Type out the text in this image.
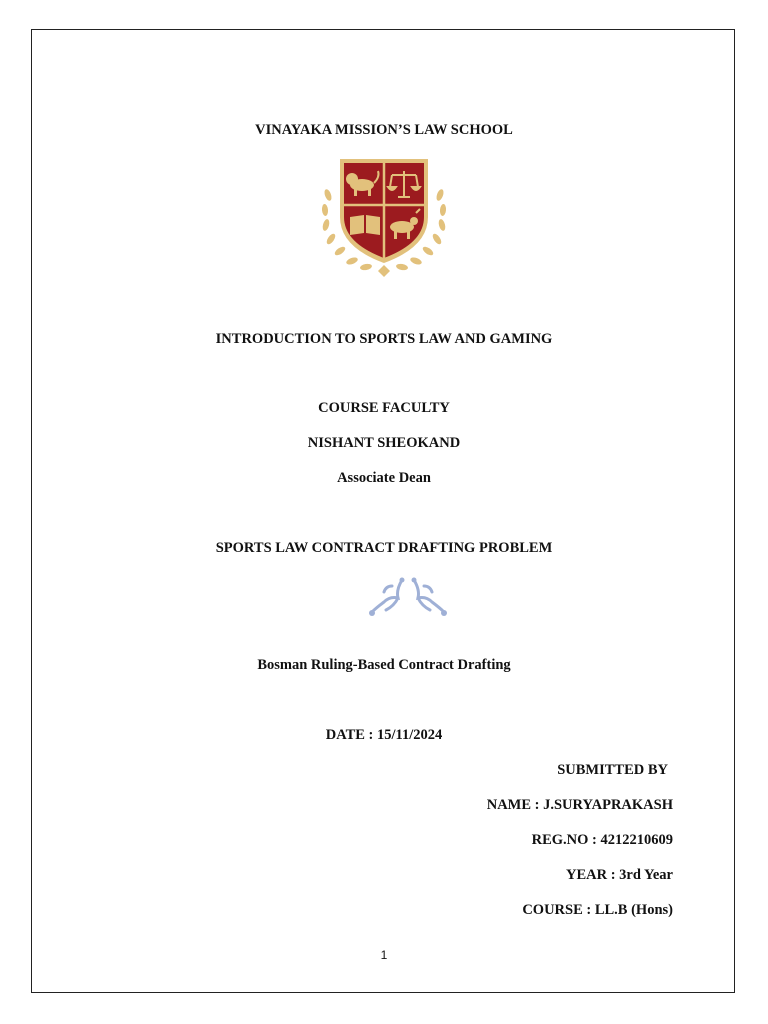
VINAYAKA MISSION’S LAW SCHOOL
INTRODUCTION TO SPORTS LAW AND GAMING
COURSE FACULTY
NISHANT SHEOKAND
Associate Dean
SPORTS LAW CONTRACT DRAFTING PROBLEM
Bosman Ruling-Based Contract Drafting
DATE : 15/11/2024
SUBMITTED BY
NAME : J.SURYAPRAKASH
REG.NO : 4212210609
YEAR : 3rd Year
COURSE : LL.B (Hons)
1
